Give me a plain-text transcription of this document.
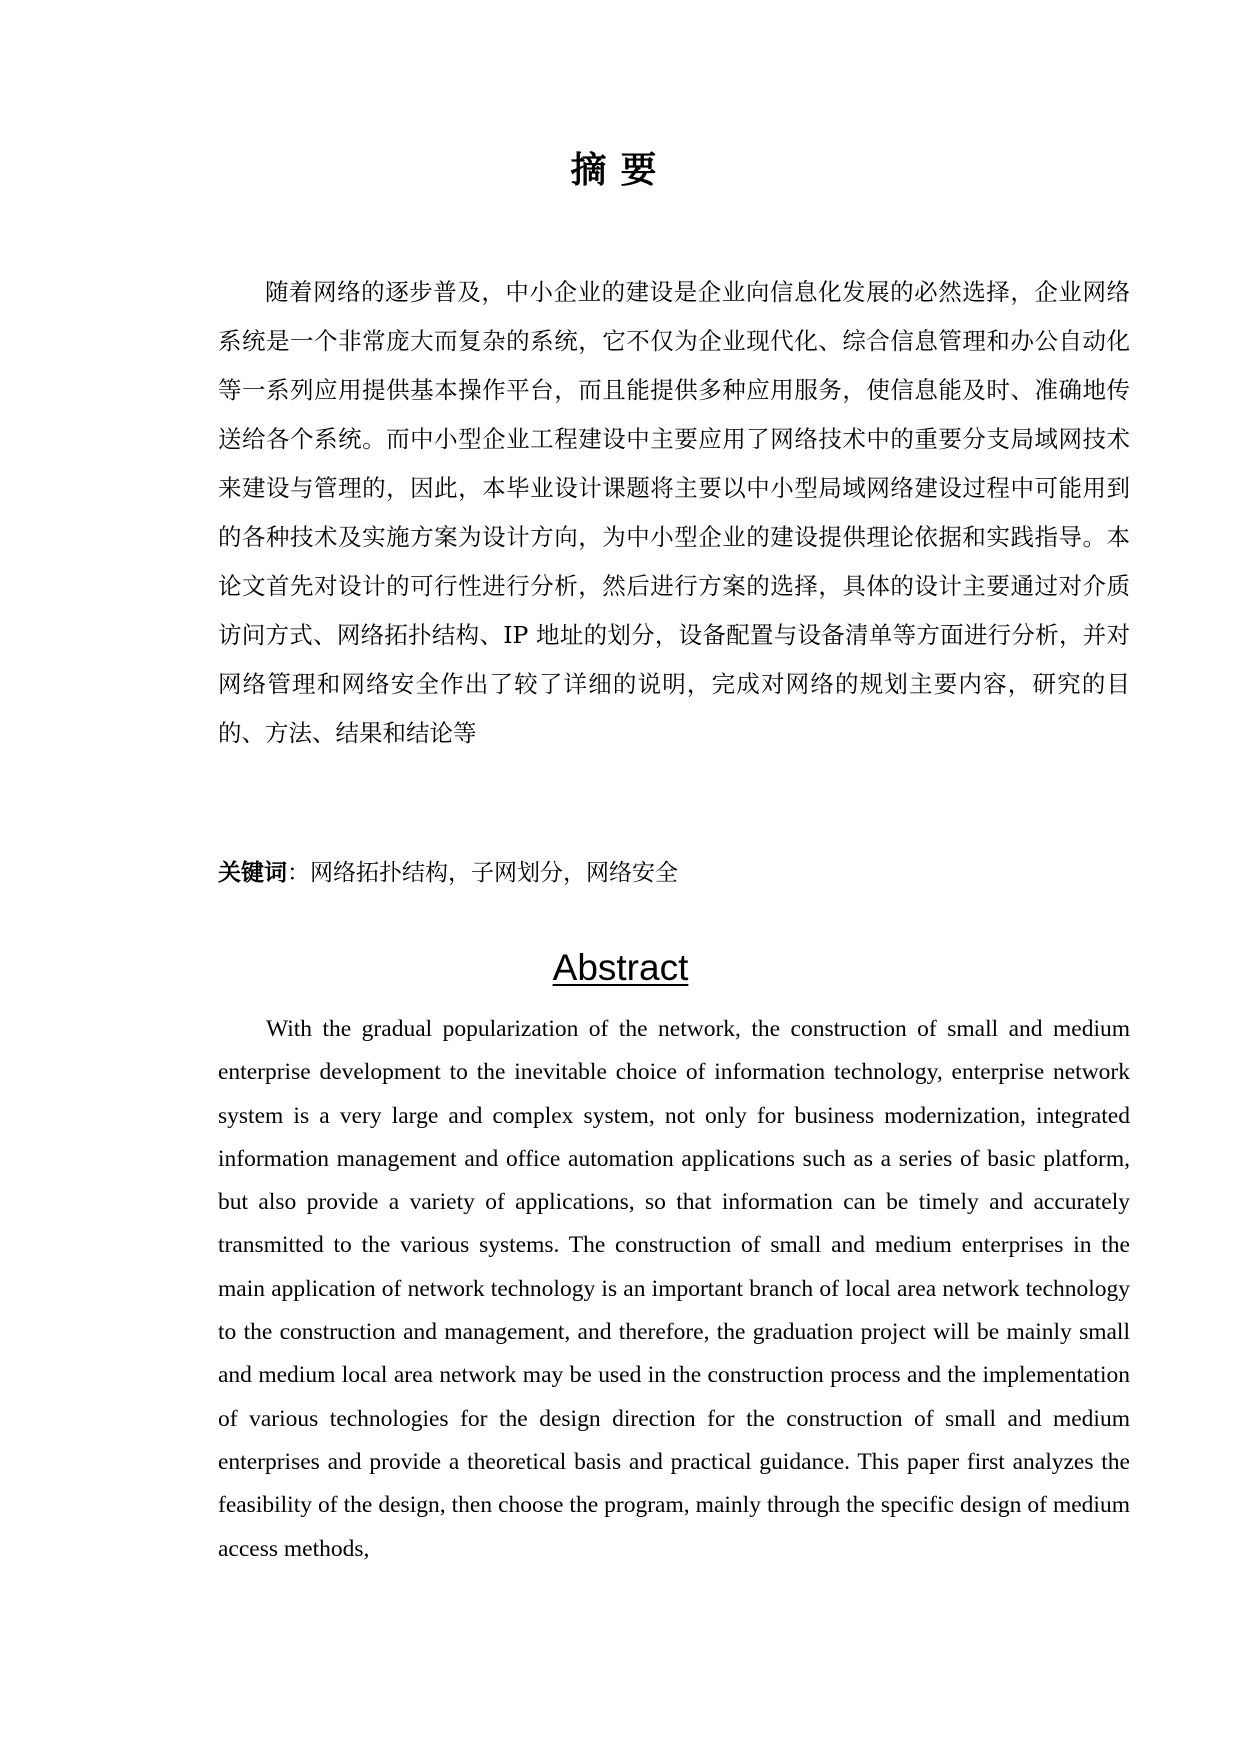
摘要
随着网络的逐步普及，中小企业的建设是企业向信息化发展的必然选择，企业网络系统是一个非常庞大而复杂的系统，它不仅为企业现代化、综合信息管理和办公自动化等一系列应用提供基本操作平台，而且能提供多种应用服务，使信息能及时、准确地传送给各个系统。而中小型企业工程建设中主要应用了网络技术中的重要分支局域网技术来建设与管理的，因此，本毕业设计课题将主要以中小型局域网络建设过程中可能用到的各种技术及实施方案为设计方向，为中小型企业的建设提供理论依据和实践指导。本论文首先对设计的可行性进行分析，然后进行方案的选择，具体的设计主要通过对介质访问方式、网络拓扑结构、IP 地址的划分，设备配置与设备清单等方面进行分析，并对网络管理和网络安全作出了较了详细的说明，完成对网络的规划主要内容，研究的目的、方法、结果和结论等
关键词：网络拓扑结构，子网划分，网络安全
Abstract
With the gradual popularization of the network, the construction of small and medium enterprise development to the inevitable choice of information technology, enterprise network system is a very large and complex system, not only for business modernization, integrated information management and office automation applications such as a series of basic platform, but also provide a variety of applications, so that information can be timely and accurately transmitted to the various systems. The construction of small and medium enterprises in the main application of network technology is an important branch of local area network technology to the construction and management, and therefore, the graduation project will be mainly small and medium local area network may be used in the construction process and the implementation of various technologies for the design direction for the construction of small and medium enterprises and provide a theoretical basis and practical guidance. This paper first analyzes the feasibility of the design, then choose the program, mainly through the specific design of medium access methods,
